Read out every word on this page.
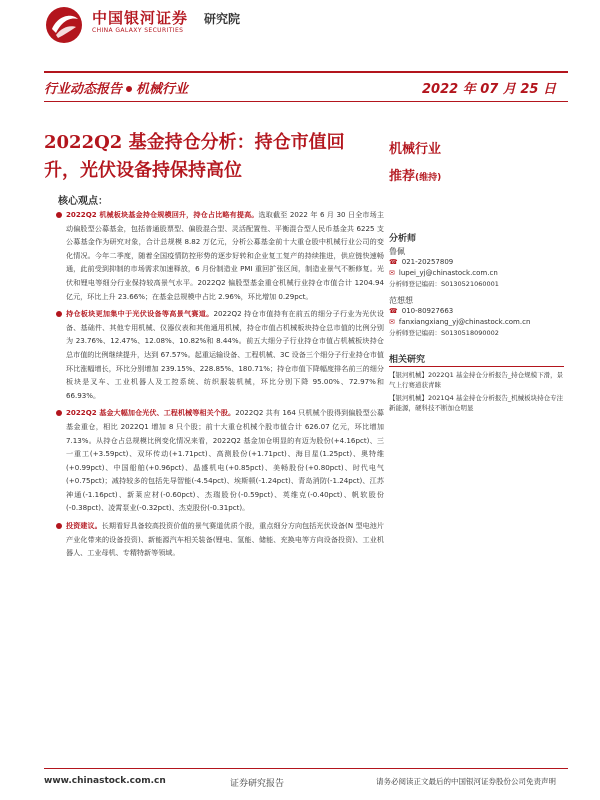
中国银河证券
CHINA GALAXY SECURITIES
研究院
行业动态报告 机械行业	2022 年 07 月 25 日
2022Q2 基金持仓分析：持仓市值回升，光伏设备持保持高位
核心观点：
机械行业
推荐(维持)
2022Q2 机械板块基金持仓规模回升，持仓占比略有提高。选取截至 2022 年 6 月 30 日全市场主动偏股型公募基金，包括普通股票型、偏股混合型、灵活配置性、平衡混合型人民币基金共 6225 支公募基金作为研究对象，合计总规模 8.82 万亿元，分析公募基金前十大重仓股中机械行业公司的变化情况。今年二季度，随着全国疫情防控形势的逐步好转和企业复工复产的持续推进，供应链快速畅通，此前受到抑制的市场需求加速释放，6 月份制造业 PMI 重回扩张区间，制造业景气不断修复。光伏和锂电等细分行业保持较高景气水平。2022Q2 偏股型基金重仓机械行业持仓市值合计 1204.94 亿元，环比上升 23.66%；在基金总规模中占比 2.96%，环比增加 0.29pct。
持仓板块更加集中于光伏设备等高景气赛道。2022Q2 持仓市值持有在前五的细分子行业为光伏设备、基础件、其他专用机械、仪器仪表和其他通用机械，持仓市值占机械板块持仓总市值的比例分别为 23.76%、12.47%、12.08%、10.82%和 8.44%。前五大细分子行业持仓市值占机械板块持仓总市值的比例继续提升，达到 67.57%。起重运输设备、工程机械、3C 设备三个细分子行业持仓市值环比涨幅增长，环比分别增加 239.15%、228.85%、180.71%；持仓市值下降幅度排名前三的细分板块是叉车、工业机器人及工控系统、纺织服装机械，环比分别下降 95.00%、72.97%和 66.93%。
2022Q2 基金大幅加仓光伏、工程机械等相关个股。2022Q2 共有 164 只机械个股得到偏股型公募基金重仓，相比 2022Q1 增加 8 只个股；前十大重仓机械个股市值合计 626.07 亿元，环比增加 7.13%。从持仓占总规模比例变化情况来看，2022Q2 基金加仓明显的有迈为股份(+4.16pct)、三一重工(+3.59pct)、双环传动(+1.71pct)、高测股份(+1.71pct)、海目星(1.25pct)、奥特维(+0.99pct)、中国船舶(+0.96pct)、晶盛机电(+0.85pct)、美畅股份(+0.80pct)、时代电气(+0.75pct)；减持较多的包括先导智能(-4.54pct)、埃斯顿(-1.24pct)、青岛消防(-1.24pct)、江苏神通(-1.16pct)、新莱应材(-0.60pct)、杰瑞股份(-0.59pct)、英维克(-0.40pct)、帆软股份(-0.38pct)、凌霄泵业(-0.32pct)、杰克股份(-0.31pct)。
投资建议。长期看好具备较高投资价值的景气赛道优质个股，重点细分方向包括光伏设备(N 型电池片产业化带来的设备投资)、新能源汽车相关装备(锂电、氢能、储能、充换电等方向设备投资)、工业机器人、工业母机、专精特新等领域。
分析师
鲁佩
☎ 021-20257809
✉ lupei_yj@chinastock.com.cn
分析师登记编码：S0130521060001
范想想
☎ 010-80927663
✉ fanxiangxiang_yj@chinastock.com.cn
分析师登记编码：S0130518090002
相关研究
【银河机械】2022Q1 基金持仓分析报告_持仓规模下滑，景气上行赛道获青睐
【银河机械】2021Q4 基金持仓分析报告_机械板块持仓专注新能源，硬科技不断加仓明显
www.chinastock.com.cn	证券研究报告	请务必阅读正文最后的中国银河证券股份公司免责声明
